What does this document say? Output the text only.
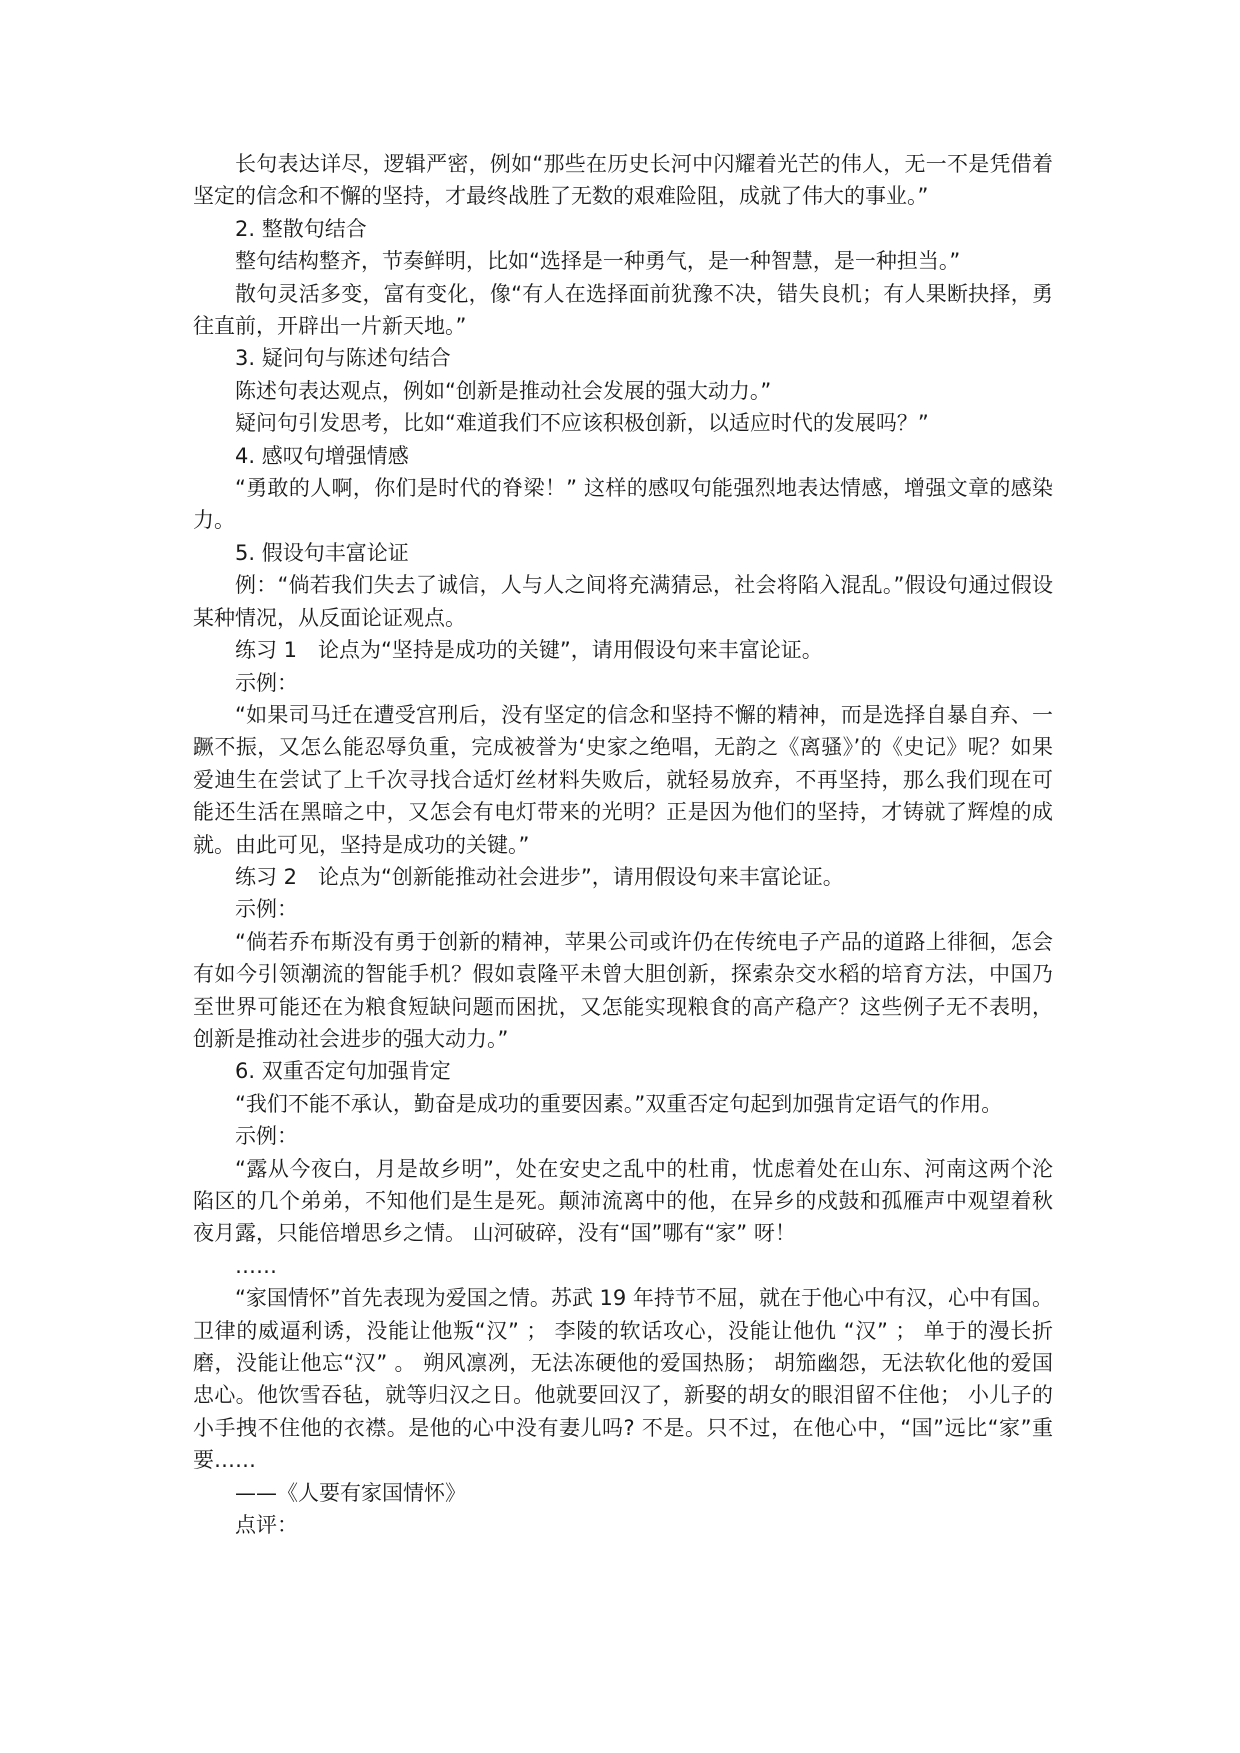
长句表达详尽，逻辑严密，例如“那些在历史长河中闪耀着光芒的伟人，无一不是凭借着坚定的信念和不懈的坚持，才最终战胜了无数的艰难险阻，成就了伟大的事业。”

2. 整散句结合

整句结构整齐，节奏鲜明，比如“选择是一种勇气，是一种智慧，是一种担当。”

散句灵活多变，富有变化，像“有人在选择面前犹豫不决，错失良机；有人果断抉择，勇往直前，开辟出一片新天地。”

3. 疑问句与陈述句结合

陈述句表达观点，例如“创新是推动社会发展的强大动力。”

疑问句引发思考，比如“难道我们不应该积极创新，以适应时代的发展吗？”

4. 感叹句增强情感

“勇敢的人啊，你们是时代的脊梁！” 这样的感叹句能强烈地表达情感，增强文章的感染力。

5. 假设句丰富论证

例：“倘若我们失去了诚信，人与人之间将充满猜忌，社会将陷入混乱。”假设句通过假设某种情况，从反面论证观点。

练习 1　论点为“坚持是成功的关键”，请用假设句来丰富论证。

示例：

“如果司马迁在遭受宫刑后，没有坚定的信念和坚持不懈的精神，而是选择自暴自弃、一蹶不振，又怎么能忍辱负重，完成被誉为‘史家之绝唱，无韵之《离骚》’的《史记》呢？如果爱迪生在尝试了上千次寻找合适灯丝材料失败后，就轻易放弃，不再坚持，那么我们现在可能还生活在黑暗之中，又怎会有电灯带来的光明？正是因为他们的坚持，才铸就了辉煌的成就。由此可见，坚持是成功的关键。”

练习 2　论点为“创新能推动社会进步”，请用假设句来丰富论证。

示例：

“倘若乔布斯没有勇于创新的精神，苹果公司或许仍在传统电子产品的道路上徘徊，怎会有如今引领潮流的智能手机？假如袁隆平未曾大胆创新，探索杂交水稻的培育方法，中国乃至世界可能还在为粮食短缺问题而困扰，又怎能实现粮食的高产稳产？这些例子无不表明，创新是推动社会进步的强大动力。”

6. 双重否定句加强肯定

“我们不能不承认，勤奋是成功的重要因素。”双重否定句起到加强肯定语气的作用。

示例：

“露从今夜白，月是故乡明”，处在安史之乱中的杜甫，忧虑着处在山东、河南这两个沦陷区的几个弟弟，不知他们是生是死。颠沛流离中的他，在异乡的戍鼓和孤雁声中观望着秋夜月露，只能倍增思乡之情。 山河破碎，没有“国”哪有“家” 呀！

……

“家国情怀”首先表现为爱国之情。苏武 19 年持节不屈，就在于他心中有汉，心中有国。卫律的威逼利诱，没能让他叛“汉” ； 李陵的软话攻心，没能让他仇 “汉” ； 单于的漫长折磨，没能让他忘“汉” 。 朔风凛冽，无法冻硬他的爱国热肠； 胡笳幽怨，无法软化他的爱国忠心。他饮雪吞毡，就等归汉之日。他就要回汉了，新娶的胡女的眼泪留不住他； 小儿子的小手拽不住他的衣襟。是他的心中没有妻儿吗? 不是。只不过，在他心中，“国”远比“家”重要……

——《人要有家国情怀》

点评：
